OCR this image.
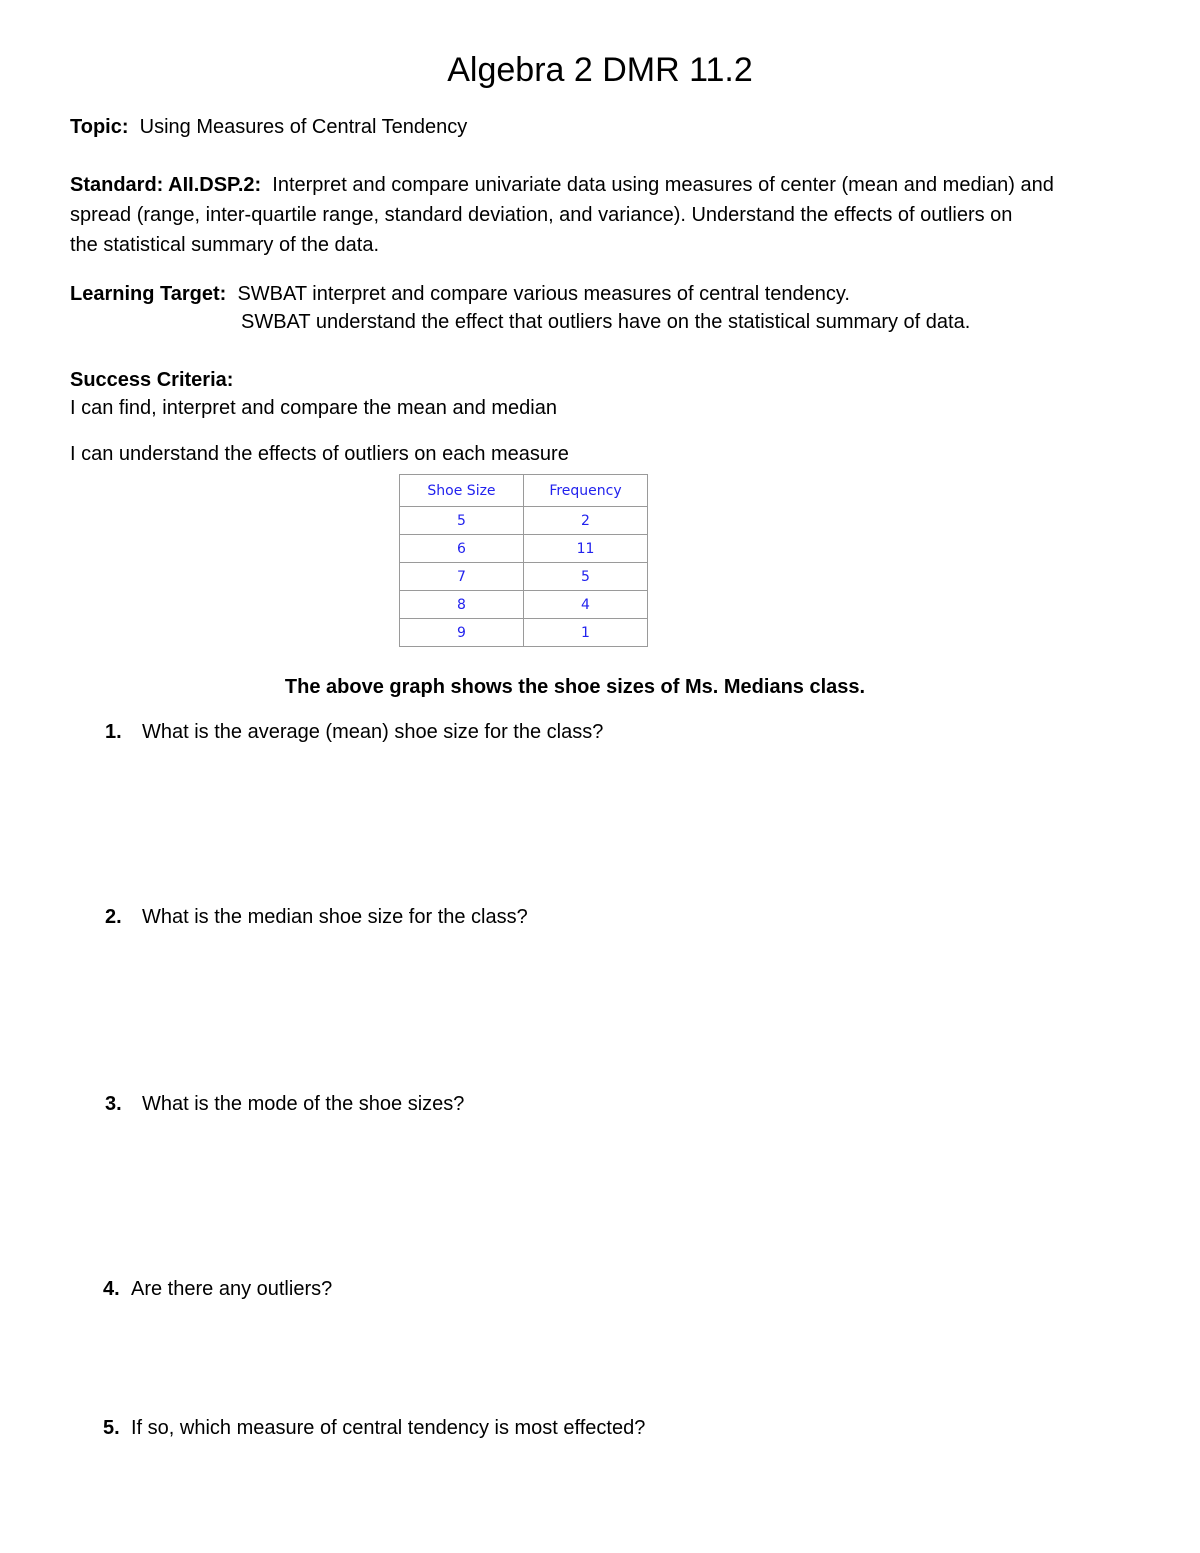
Algebra 2 DMR 11.2
Topic: Using Measures of Central Tendency
Standard: AII.DSP.2: Interpret and compare univariate data using measures of center (mean and median) and
spread (range, inter-quartile range, standard deviation, and variance). Understand the effects of outliers on
the statistical summary of the data.
Learning Target: SWBAT interpret and compare various measures of central tendency.
SWBAT understand the effect that outliers have on the statistical summary of data.
Success Criteria:
I can find, interpret and compare the mean and median
I can understand the effects of outliers on each measure
Shoe Size	Frequency
5	2
6	11
7	5
8	4
9	1
The above graph shows the shoe sizes of Ms. Medians class.
1. What is the average (mean) shoe size for the class?
2. What is the median shoe size for the class?
3. What is the mode of the shoe sizes?
4. Are there any outliers?
5. If so, which measure of central tendency is most effected?
